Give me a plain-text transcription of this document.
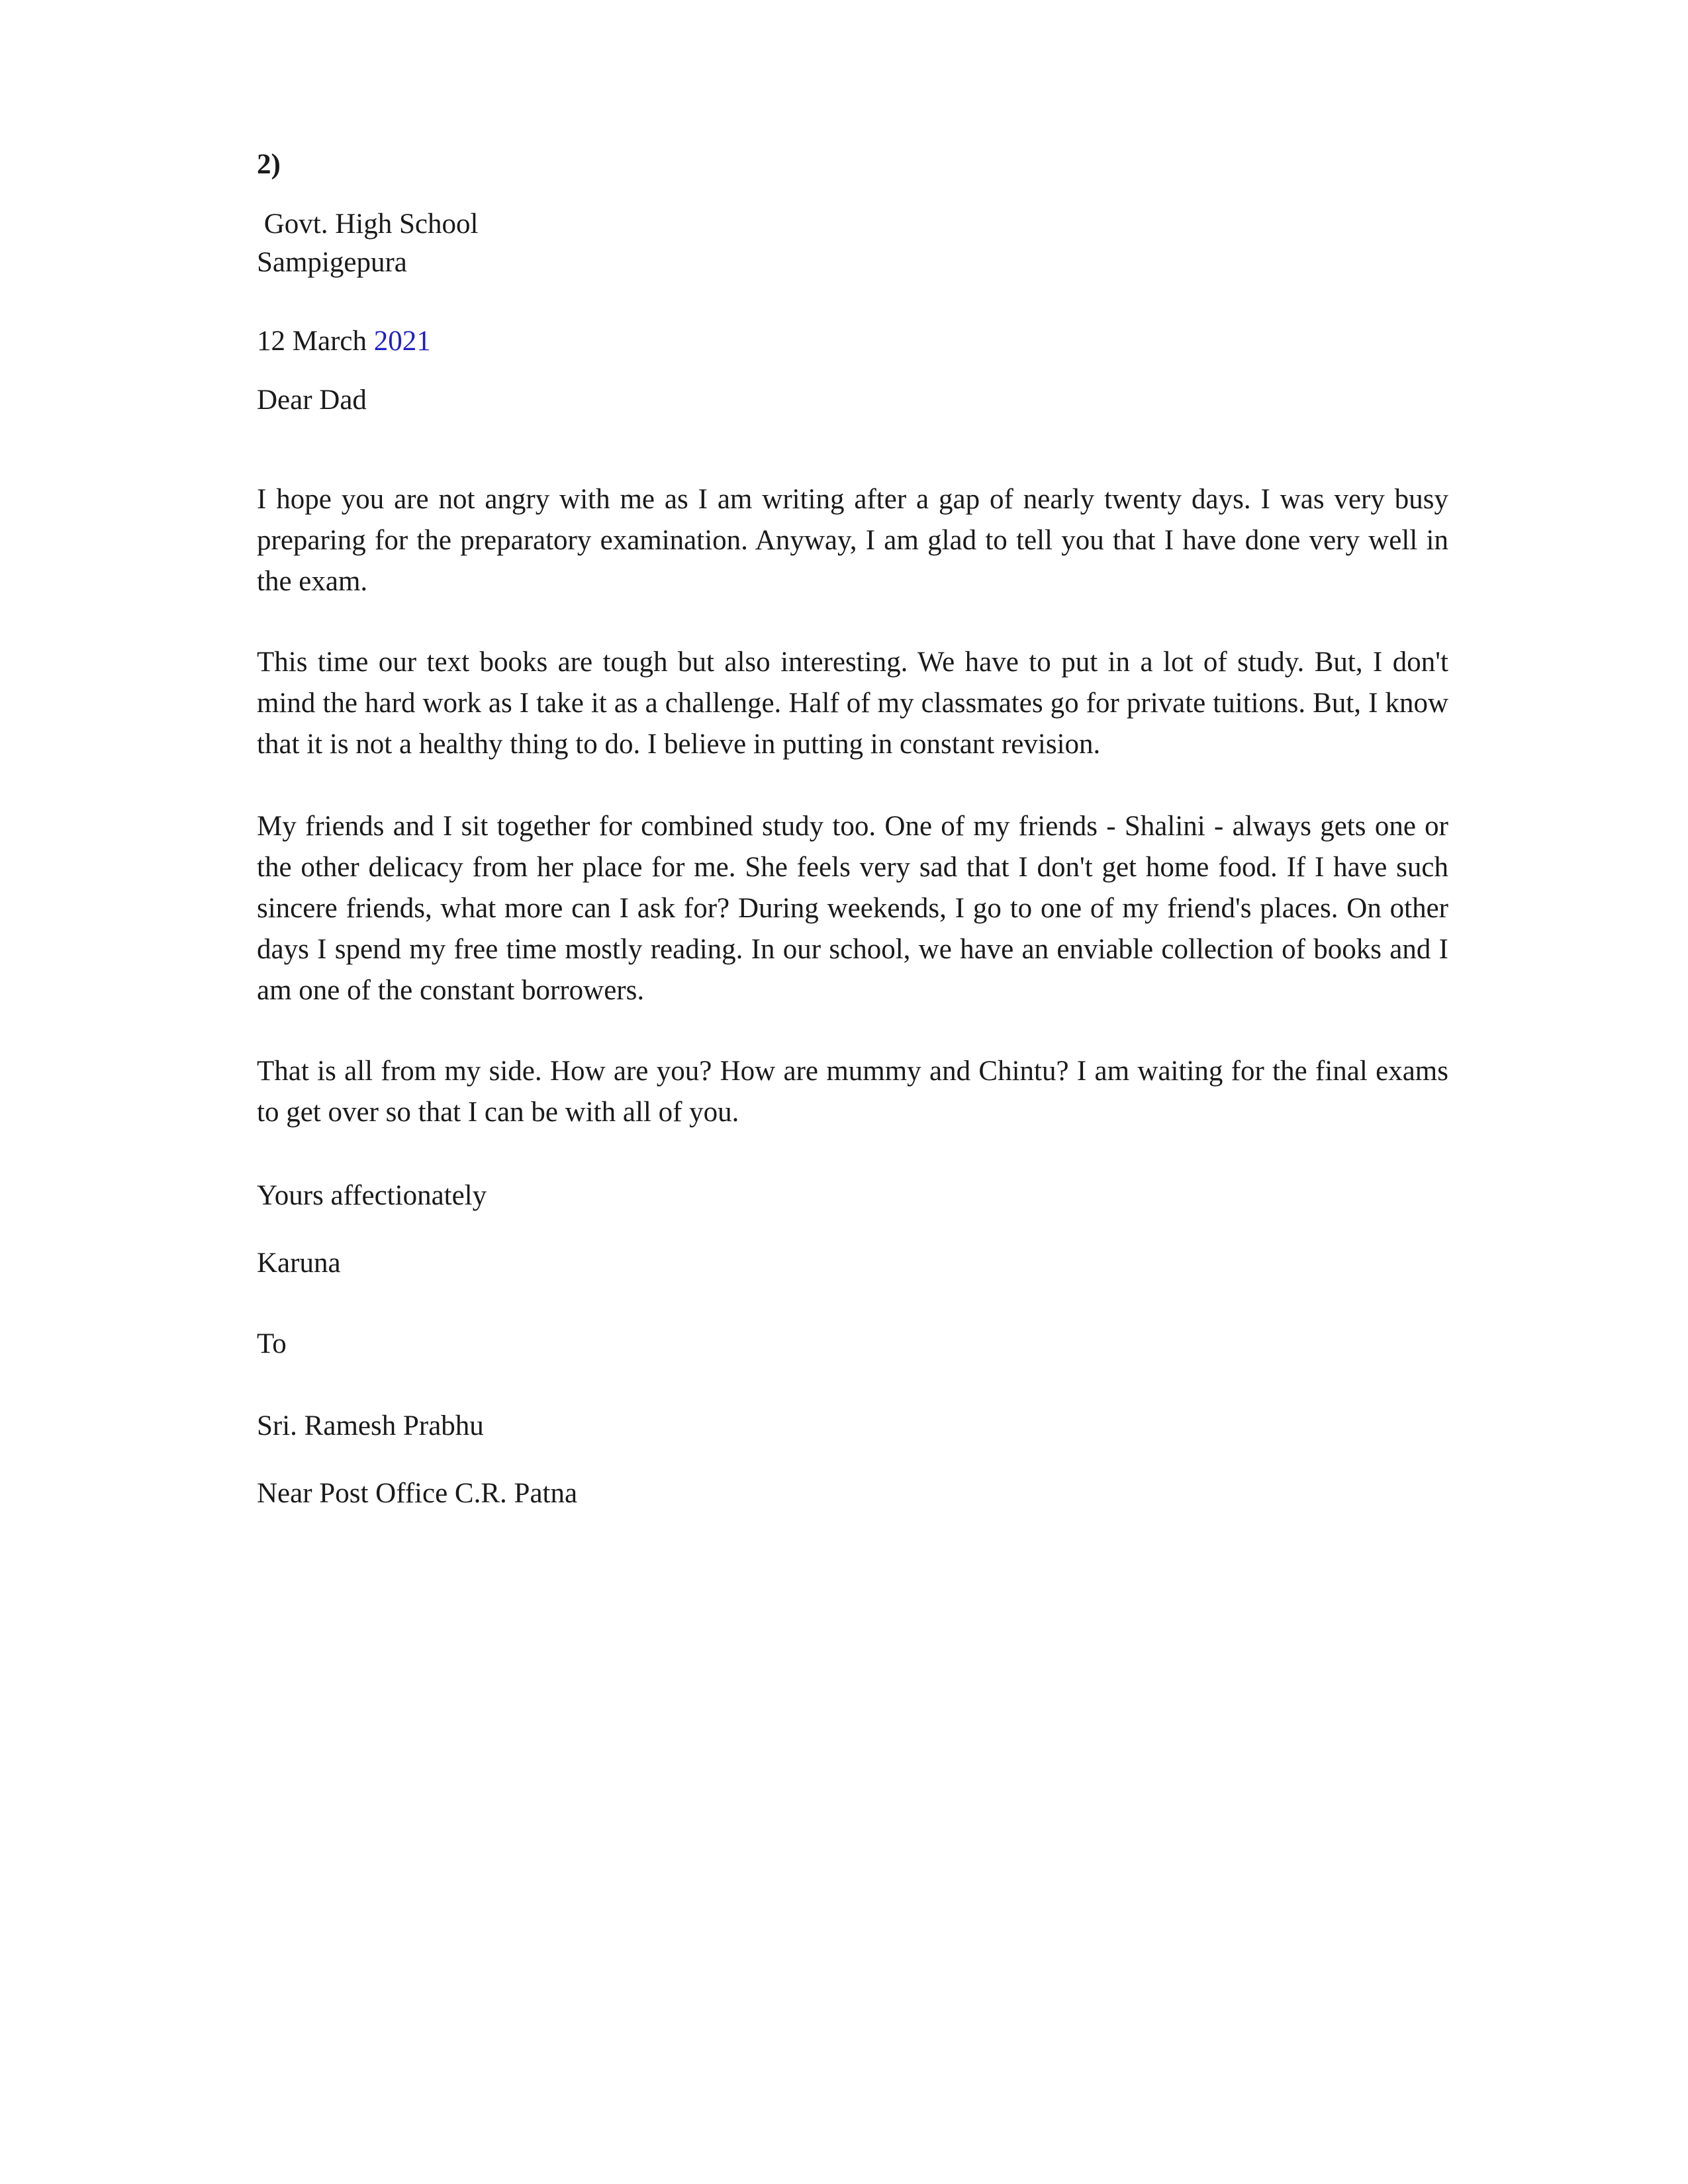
2)

Govt. High School

Sampigepura

12 March 2021

Dear Dad

I hope you are not angry with me as I am writing after a gap of nearly twenty days. I was very busy preparing for the preparatory examination. Anyway, I am glad to tell you that I have done very well in the exam.

This time our text books are tough but also interesting. We have to put in a lot of study. But, I don't mind the hard work as I take it as a challenge. Half of my classmates go for private tuitions. But, I know that it is not a healthy thing to do. I believe in putting in constant revision.

My friends and I sit together for combined study too. One of my friends - Shalini - always gets one or the other delicacy from her place for me. She feels very sad that I don't get home food. If I have such sincere friends, what more can I ask for? During weekends, I go to one of my friend's places. On other days I spend my free time mostly reading. In our school, we have an enviable collection of books and I am one of the constant borrowers.

That is all from my side. How are you? How are mummy and Chintu? I am waiting for the final exams to get over so that I can be with all of you.

Yours affectionately

Karuna

To

Sri. Ramesh Prabhu

Near Post Office C.R. Patna
